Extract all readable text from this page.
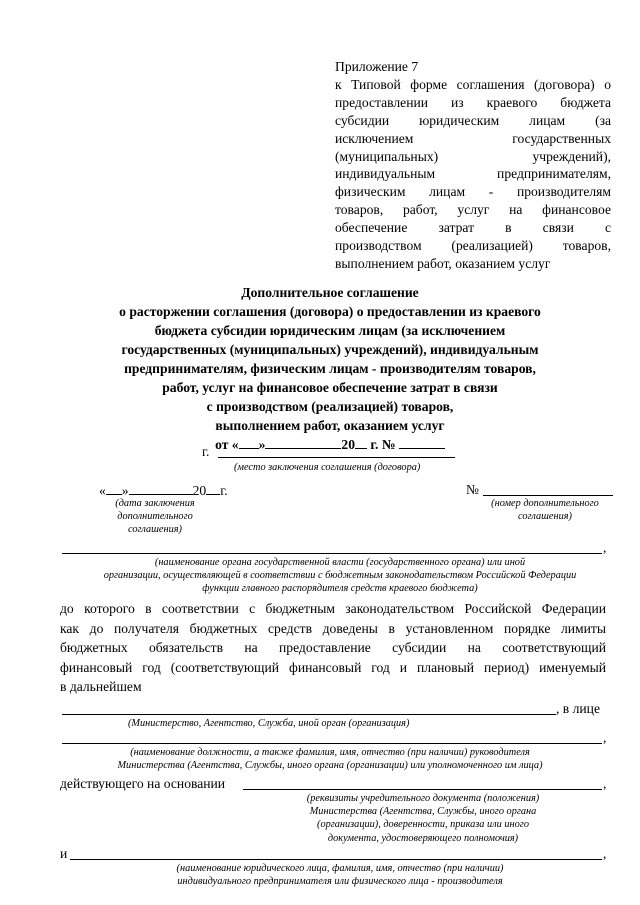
Приложение 7
к Типовой форме соглашения (договора) о
предоставлении из краевого бюджета
субсидии юридическим лицам (за
исключением государственных
(муниципальных) учреждений),
индивидуальным предпринимателям,
физическим лицам - производителям
товаров, работ, услуг на финансовое
обеспечение затрат в связи с
производством (реализацией) товаров,
выполнением работ, оказанием услуг
Дополнительное соглашение
о расторжении соглашения (договора) о предоставлении из краевого
бюджета субсидии юридическим лицам (за исключением
государственных (муниципальных) учреждений), индивидуальным
предпринимателям, физическим лицам - производителям товаров,
работ, услуг на финансовое обеспечение затрат в связи
с производством (реализацией) товаров,
выполнением работ, оказанием услуг
от « »	20 г. №
г.
(место заключения соглашения (договора)
« »	20 г.
(дата заключения
дополнительного
соглашения)
№
(номер дополнительного
соглашения)
,
(наименование органа государственной власти (государственного органа) или иной
организации, осуществляющей в соответствии с бюджетным законодательством Российской Федерации
функции главного распорядителя средств краевого бюджета)
до которого в соответствии с бюджетным законодательством Российской Федерации
как до получателя бюджетных средств доведены в установленном порядке лимиты
бюджетных обязательств на предоставление субсидии на соответствующий
финансовый год (соответствующий финансовый год и плановый период) именуемый
в дальнейшем
, в лице
(Министерство, Агентство, Служба, иной орган (организация)
,
(наименование должности, а также фамилия, имя, отчество (при наличии) руководителя
Министерства (Агентства, Службы, иного органа (организации) или уполномоченного им лица)
действующего на основании	,
(реквизиты учредительного документа (положения)
Министерства (Агентства, Службы, иного органа
(организации), доверенности, приказа или иного
документа, удостоверяющего полномочия)
и	,
(наименование юридического лица, фамилия, имя, отчество (при наличии)
индивидуального предпринимателя или физического лица - производителя
